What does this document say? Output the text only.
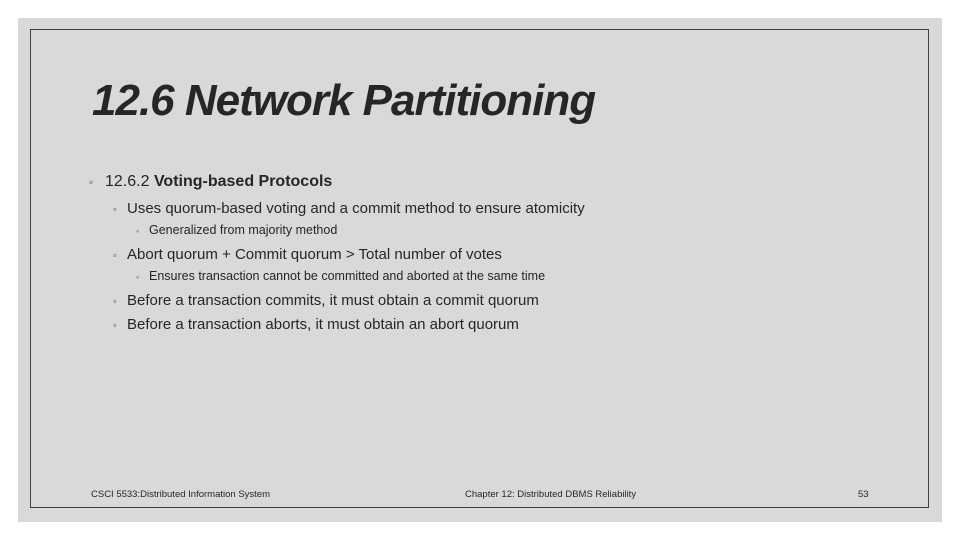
12.6 Network Partitioning
◦ 12.6.2 Voting-based Protocols
◦ Uses quorum-based voting and a commit method to ensure atomicity
◦ Generalized from majority method
◦ Abort quorum + Commit quorum > Total number of votes
◦ Ensures transaction cannot be committed and aborted at the same time
◦ Before a transaction commits, it must obtain a commit quorum
◦ Before a transaction aborts, it must obtain an abort quorum
CSCI 5533:Distributed Information System	Chapter 12: Distributed DBMS Reliability	53
